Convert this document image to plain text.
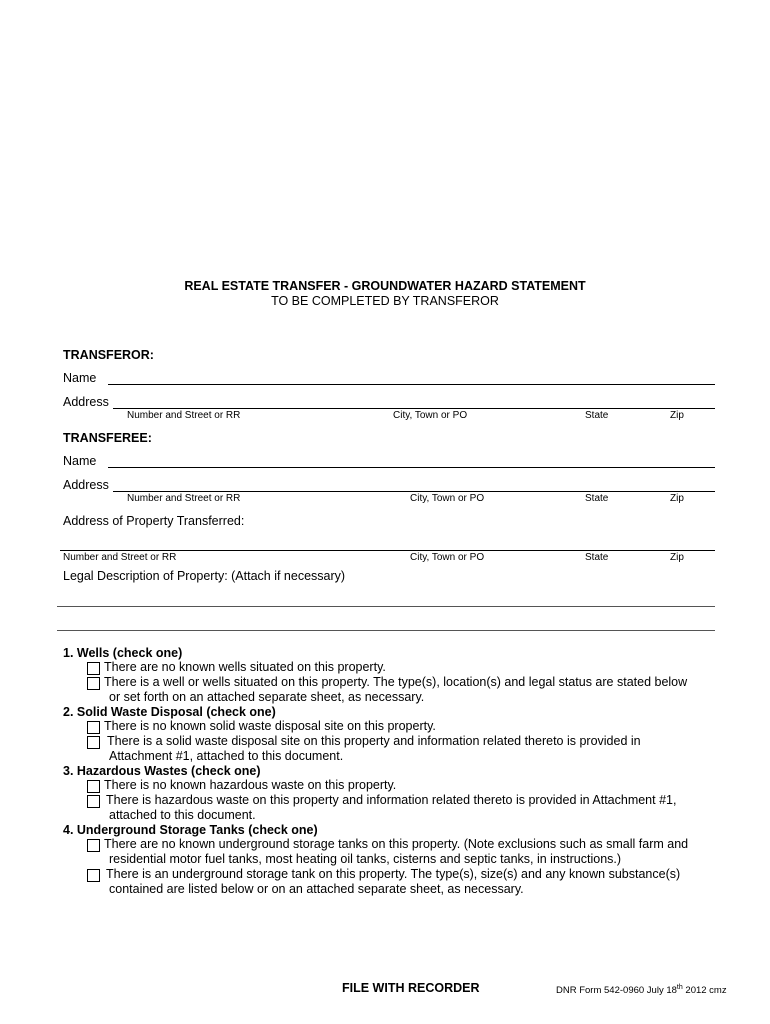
REAL ESTATE TRANSFER - GROUNDWATER HAZARD STATEMENT
TO BE COMPLETED BY TRANSFEROR
TRANSFEROR:
Name
Address
Number and Street or RR	City, Town or PO	State	Zip
TRANSFEREE:
Name
Address
Number and Street or RR	City, Town or PO	State	Zip
Address of Property Transferred:
Number and Street or RR	City, Town or PO	State	Zip
Legal Description of Property: (Attach if necessary)
1. Wells (check one)
There are no known wells situated on this property.
There is a well or wells situated on this property. The type(s), location(s) and legal status are stated below
or set forth on an attached separate sheet, as necessary.
2. Solid Waste Disposal (check one)
There is no known solid waste disposal site on this property.
There is a solid waste disposal site on this property and information related thereto is provided in
Attachment #1, attached to this document.
3. Hazardous Wastes (check one)
There is no known hazardous waste on this property.
There is hazardous waste on this property and information related thereto is provided in Attachment #1,
attached to this document.
4. Underground Storage Tanks (check one)
There are no known underground storage tanks on this property. (Note exclusions such as small farm and
residential motor fuel tanks, most heating oil tanks, cisterns and septic tanks, in instructions.)
There is an underground storage tank on this property. The type(s), size(s) and any known substance(s)
contained are listed below or on an attached separate sheet, as necessary.
FILE WITH RECORDER	DNR Form 542-0960 July 18th 2012 cmz
